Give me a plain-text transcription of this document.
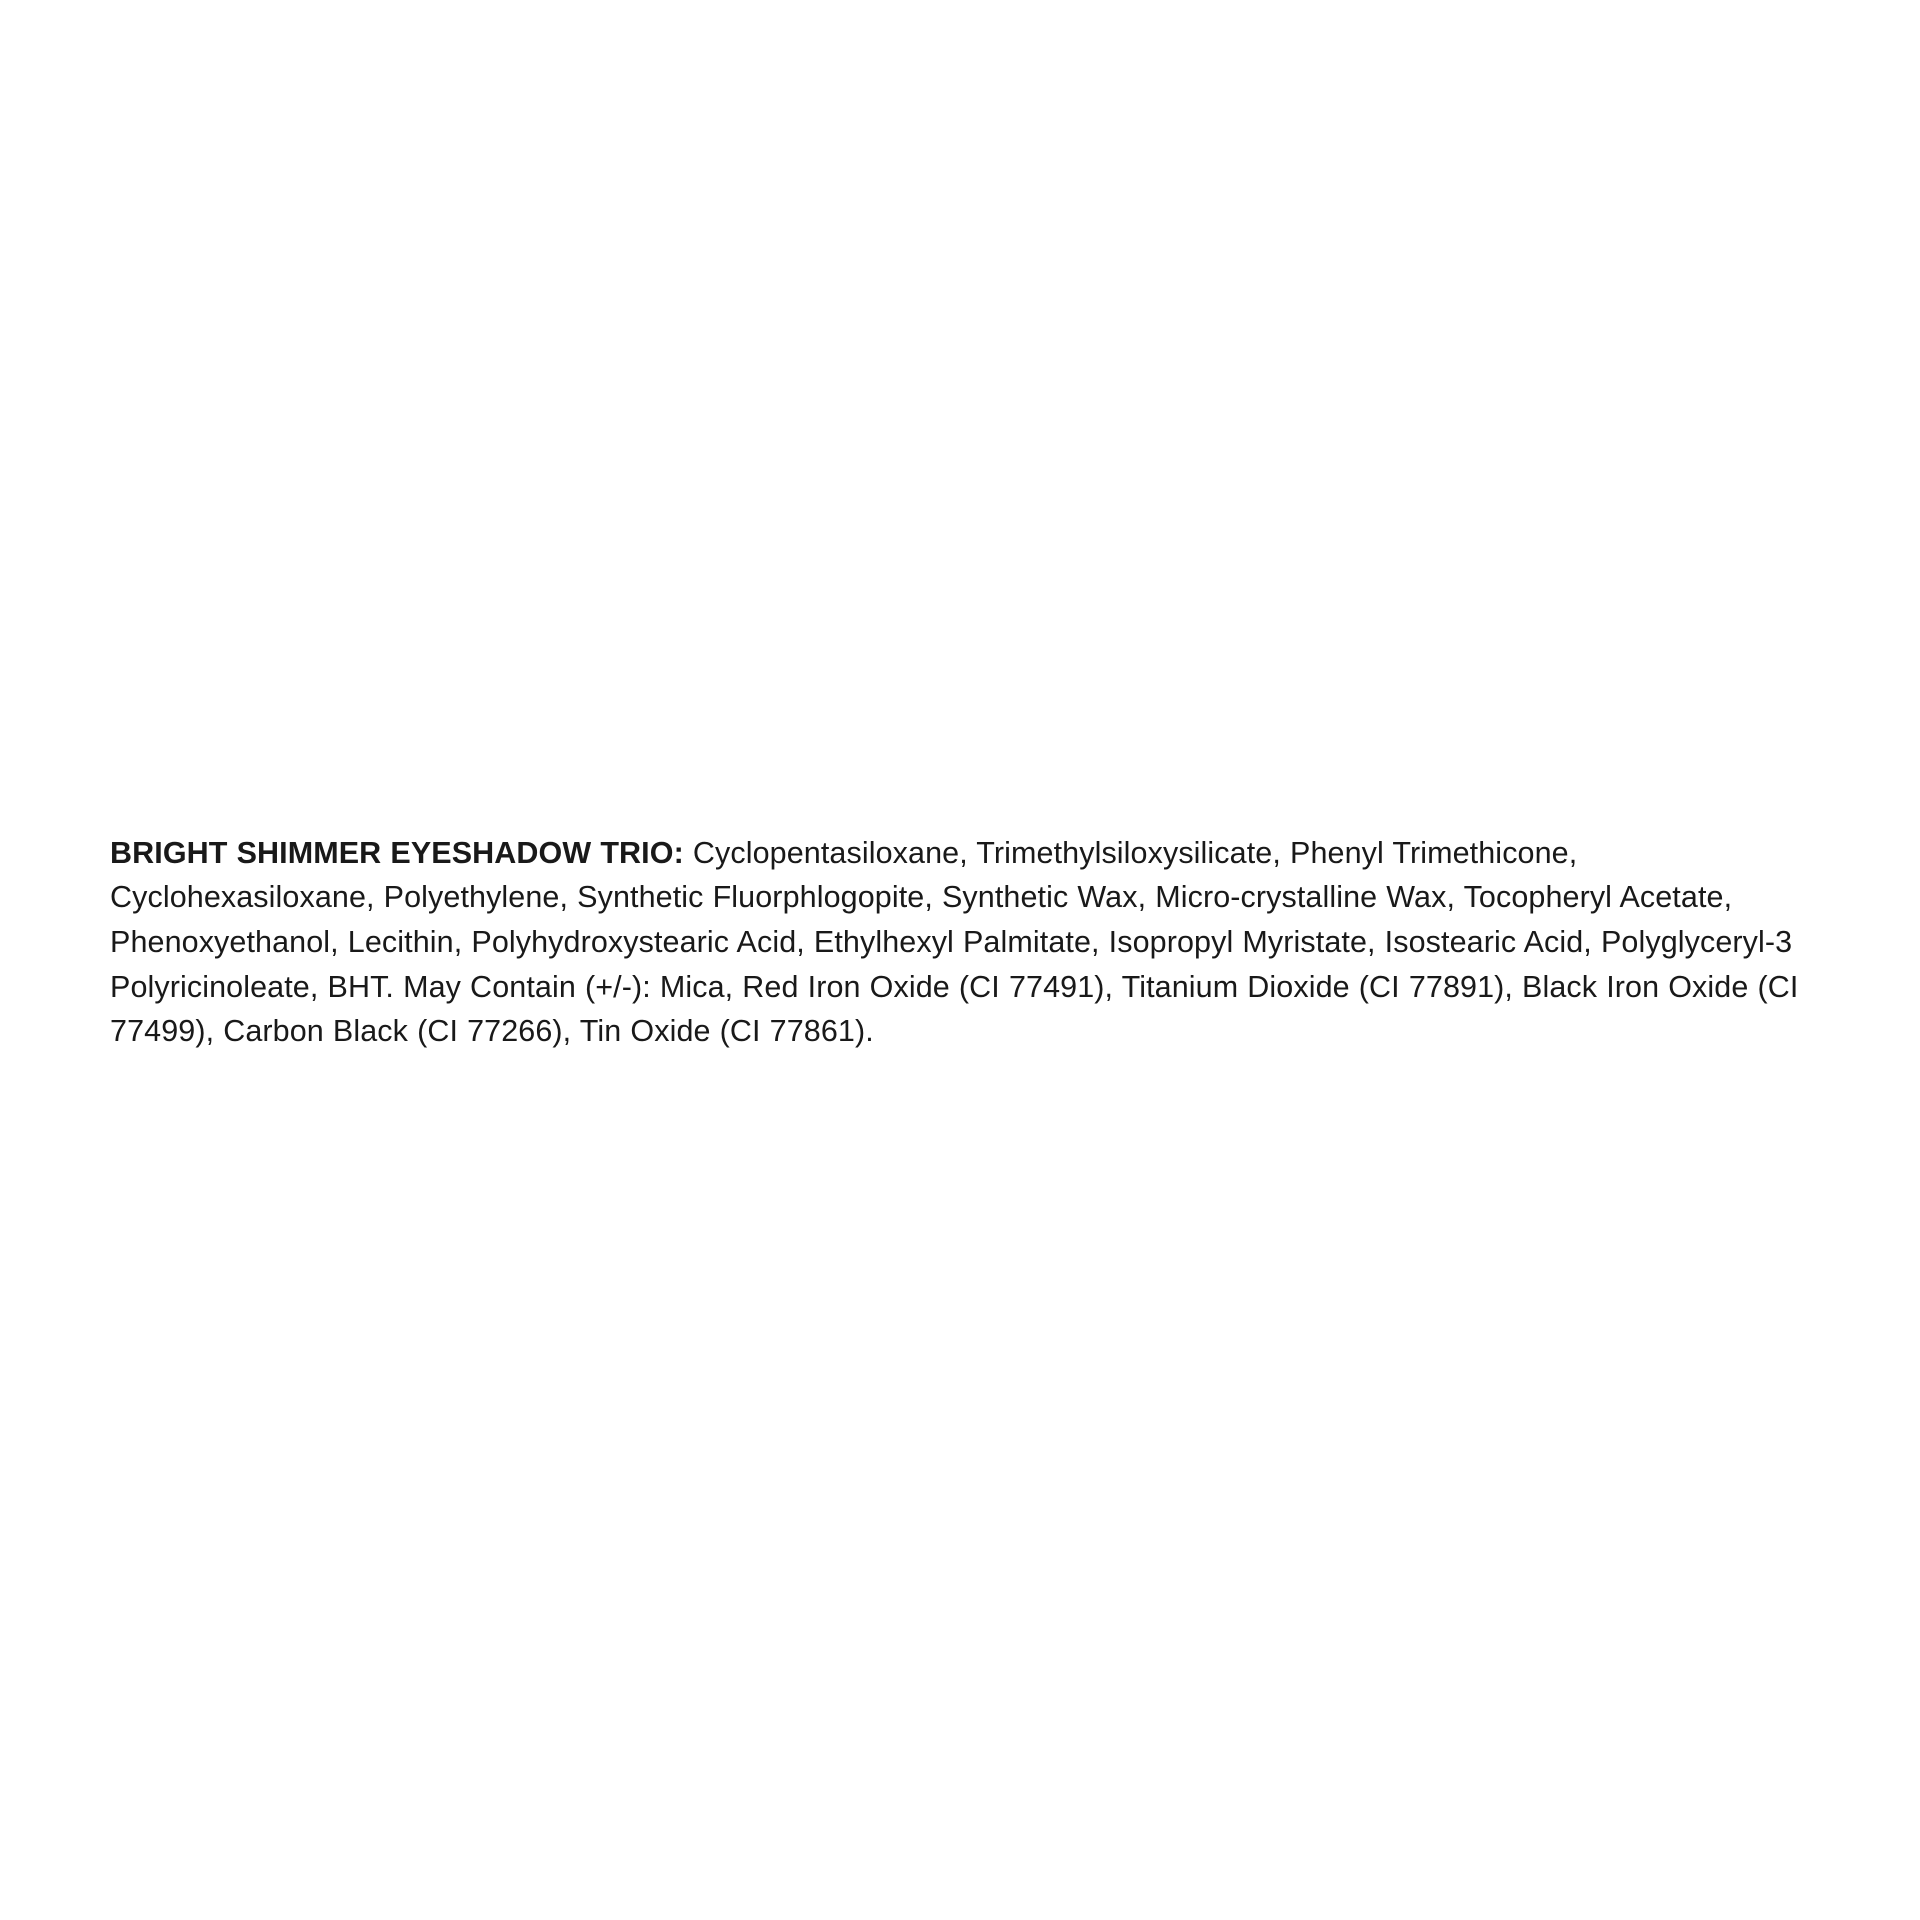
BRIGHT SHIMMER EYESHADOW TRIO: Cyclopentasiloxane, Trimethylsiloxysilicate, Phenyl Trimethicone, Cyclohexasiloxane, Polyethylene, Synthetic Fluorphlogopite, Synthetic Wax, Micro-crystalline Wax, Tocopheryl Acetate, Phenoxyethanol, Lecithin, Polyhydroxystearic Acid, Ethylhexyl Palmitate, Isopropyl Myristate, Isostearic Acid, Polyglyceryl-3 Polyricinoleate, BHT. May Contain (+/-): Mica, Red Iron Oxide (CI 77491), Titanium Dioxide (CI 77891), Black Iron Oxide (CI 77499), Carbon Black (CI 77266), Tin Oxide (CI 77861).
